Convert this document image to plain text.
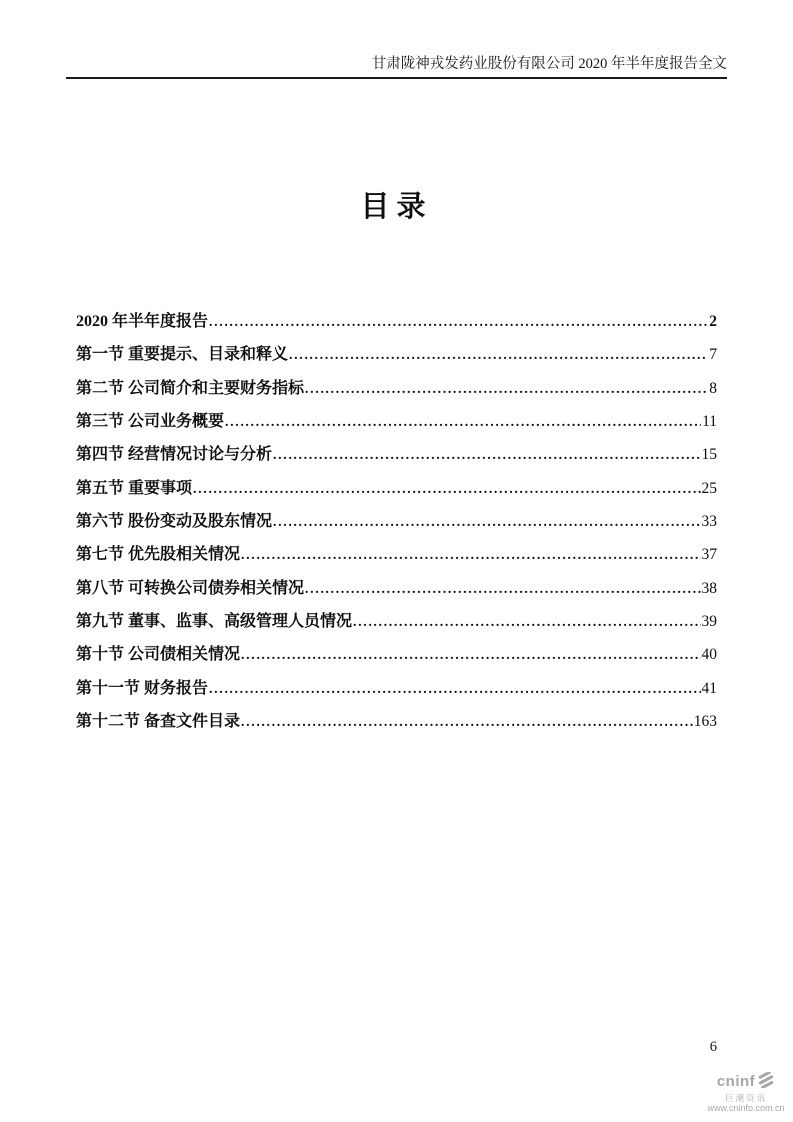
甘肃陇神戎发药业股份有限公司 2020 年半年度报告全文
目录
2020 年半年度报告 .....	2
第一节 重要提示、目录和释义 .....	7
第二节 公司简介和主要财务指标 .....	8
第三节 公司业务概要 .....	11
第四节 经营情况讨论与分析 .....	15
第五节 重要事项 .....	25
第六节 股份变动及股东情况 .....	33
第七节 优先股相关情况 .....	37
第八节 可转换公司债券相关情况 .....	38
第九节 董事、监事、高级管理人员情况 .....	39
第十节 公司债相关情况 .....	40
第十一节 财务报告 .....	41
第十二节 备查文件目录 .....	163
6
cninf
巨潮资讯
www.cninfo.com.cn
